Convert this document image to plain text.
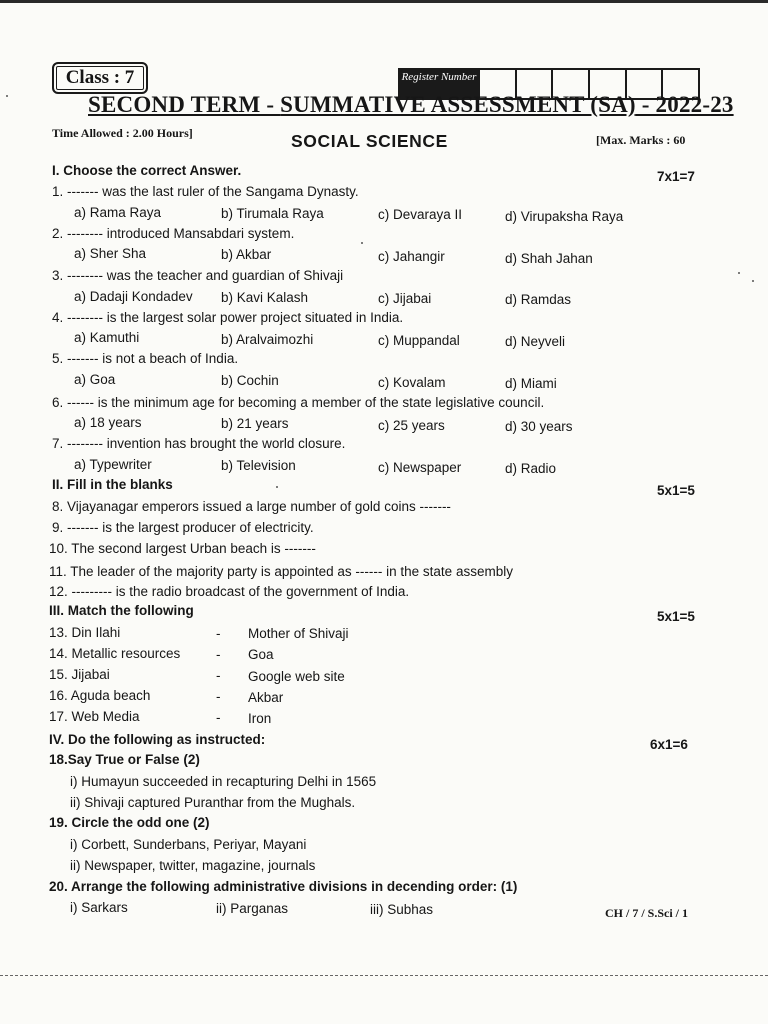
Class : 7	Register Number
SECOND TERM - SUMMATIVE ASSESSMENT (SA) - 2022-23
Time Allowed : 2.00 Hours]	SOCIAL SCIENCE	[Max. Marks : 60
I. Choose the correct Answer.	7x1=7
1. ------- was the last ruler of the Sangama Dynasty.
a) Rama Raya	b) Tirumala Raya	c) Devaraya II	d) Virupaksha Raya
2. -------- introduced Mansabdari system.
a) Sher Sha	b) Akbar	c) Jahangir	d) Shah Jahan
3. -------- was the teacher and guardian of Shivaji
a) Dadaji Kondadev b) Kavi Kalash	c) Jijabai	d) Ramdas
4. -------- is the largest solar power project situated in India.
a) Kamuthi	b) Aralvaimozhi	c) Muppandal	d) Neyveli
5. ------- is not a beach of India.
a) Goa	b) Cochin	c) Kovalam	d) Miami
6. ------ is the minimum age for becoming a member of the state legislative council.
a) 18 years	b) 21 years	c) 25 years	d) 30 years
7. -------- invention has brought the world closure.
a) Typewriter	b) Television	c) Newspaper	d) Radio
II. Fill in the blanks	5x1=5
8. Vijayanagar emperors issued a large number of gold coins -------
9. ------- is the largest producer of electricity.
10. The second largest Urban beach is -------
11. The leader of the majority party is appointed as ------ in the state assembly
12. --------- is the radio broadcast of the government of India.
III. Match the following	5x1=5
13. Din Ilahi	- Mother of Shivaji
14. Metallic resources	- Goa
15. Jijabai	- Google web site
16. Aguda beach	- Akbar
17. Web Media	- Iron
IV. Do the following as instructed:	6x1=6
18.Say True or False (2)
i) Humayun succeeded in recapturing Delhi in 1565
ii) Shivaji captured Puranthar from the Mughals.
19. Circle the odd one (2)
i) Corbett, Sunderbans, Periyar, Mayani
ii) Newspaper, twitter, magazine, journals
20. Arrange the following administrative divisions in decending order: (1)
i) Sarkars	ii) Parganas	iii) Subhas	CH / 7 / S.Sci / 1
